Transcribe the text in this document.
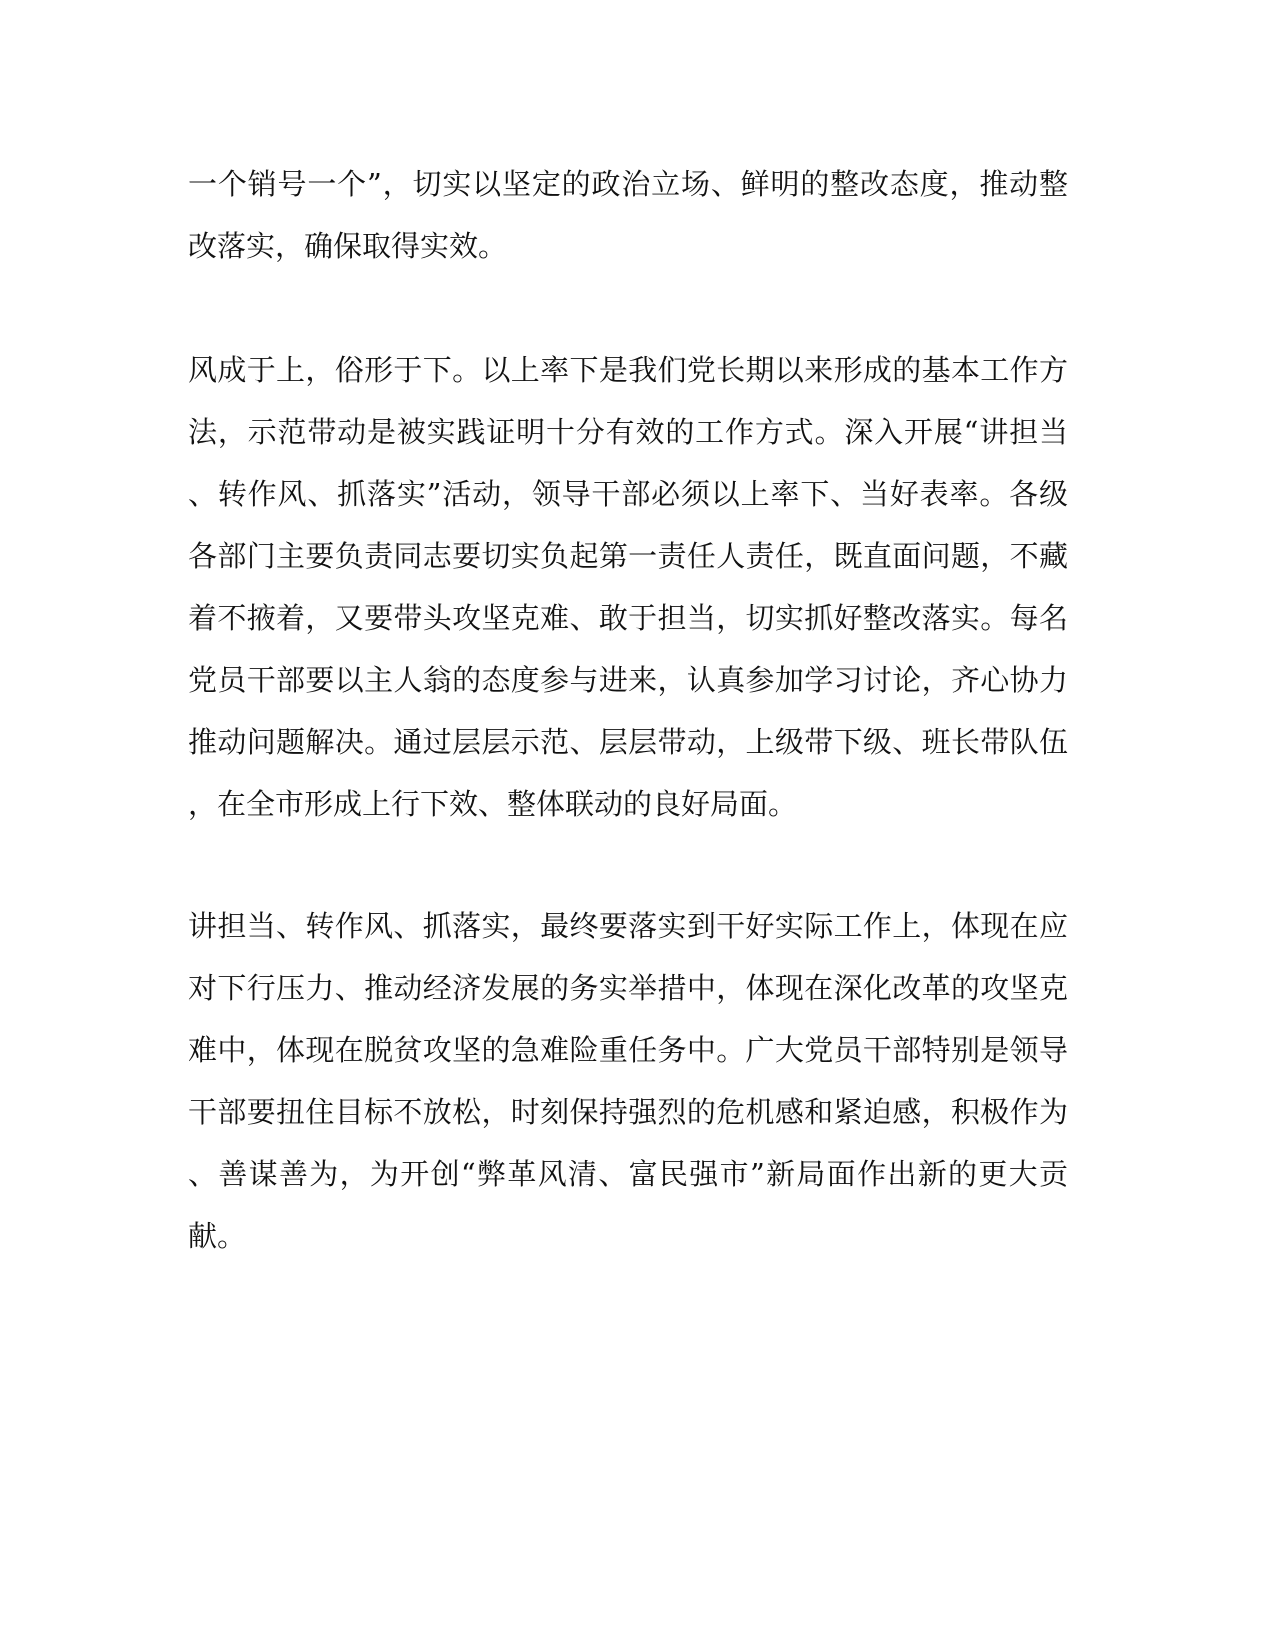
一个销号一个”，切实以坚定的政治立场、鲜明的整改态度，推动整
改落实，确保取得实效。
风成于上，俗形于下。以上率下是我们党长期以来形成的基本工作方
法，示范带动是被实践证明十分有效的工作方式。深入开展“讲担当
、转作风、抓落实”活动，领导干部必须以上率下、当好表率。各级
各部门主要负责同志要切实负起第一责任人责任，既直面问题，不藏
着不掖着，又要带头攻坚克难、敢于担当，切实抓好整改落实。每名
党员干部要以主人翁的态度参与进来，认真参加学习讨论，齐心协力
推动问题解决。通过层层示范、层层带动，上级带下级、班长带队伍
，在全市形成上行下效、整体联动的良好局面。
讲担当、转作风、抓落实，最终要落实到干好实际工作上，体现在应
对下行压力、推动经济发展的务实举措中，体现在深化改革的攻坚克
难中，体现在脱贫攻坚的急难险重任务中。广大党员干部特别是领导
干部要扭住目标不放松，时刻保持强烈的危机感和紧迫感，积极作为
、善谋善为，为开创“弊革风清、富民强市”新局面作出新的更大贡
献。
